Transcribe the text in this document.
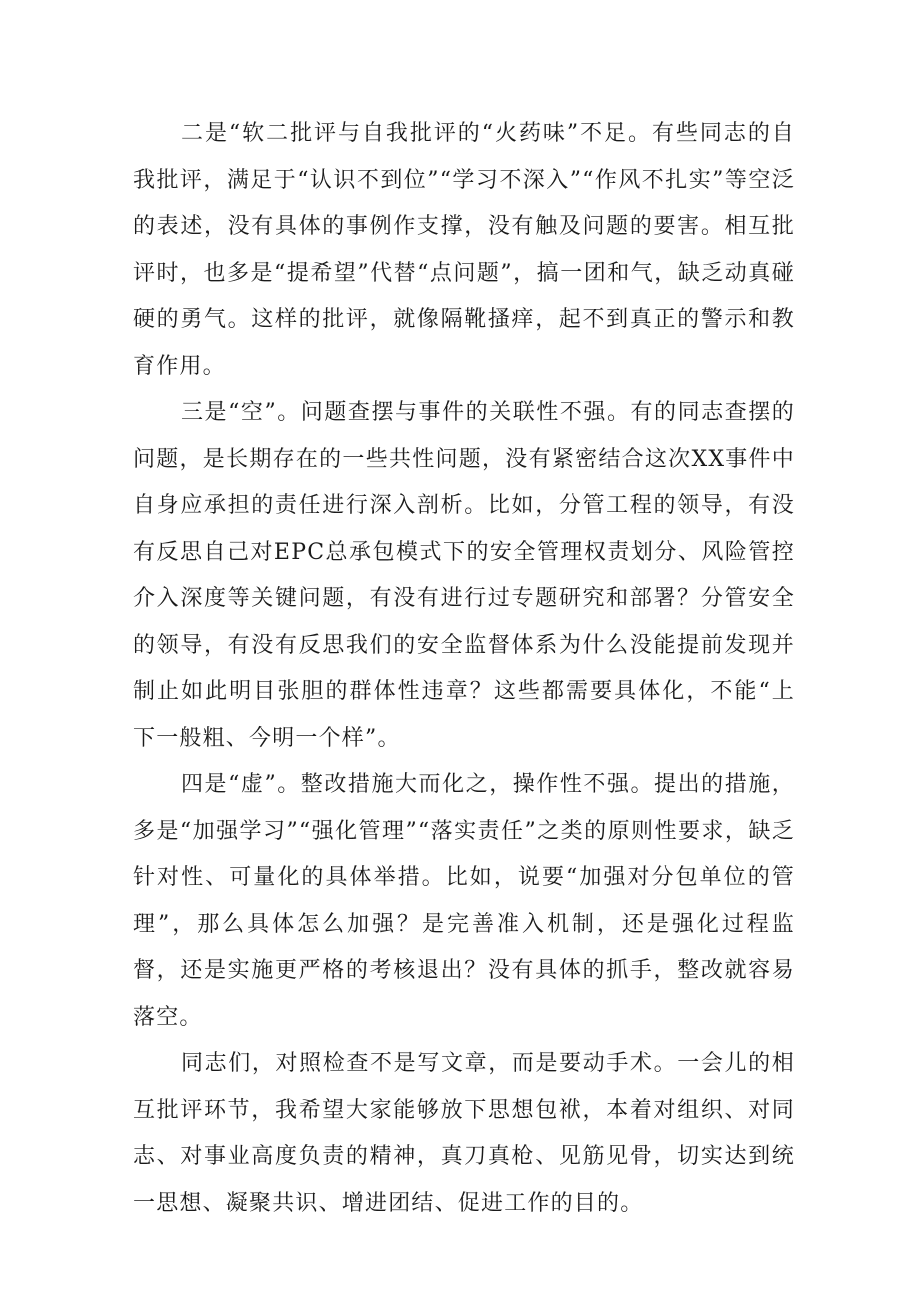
二是“软二批评与自我批评的“火药味”不足。有些同志的自我批评，满足于“认识不到位”“学习不深入”“作风不扎实”等空泛的表述，没有具体的事例作支撑，没有触及问题的要害。相互批评时，也多是“提希望”代替“点问题”，搞一团和气，缺乏动真碰硬的勇气。这样的批评，就像隔靴搔痒，起不到真正的警示和教育作用。

三是“空”。问题查摆与事件的关联性不强。有的同志查摆的问题，是长期存在的一些共性问题，没有紧密结合这次XX事件中自身应承担的责任进行深入剖析。比如，分管工程的领导，有没有反思自己对EPC总承包模式下的安全管理权责划分、风险管控介入深度等关键问题，有没有进行过专题研究和部署？分管安全的领导，有没有反思我们的安全监督体系为什么没能提前发现并制止如此明目张胆的群体性违章？这些都需要具体化，不能“上下一般粗、今明一个样”。

四是“虚”。整改措施大而化之，操作性不强。提出的措施，多是“加强学习”“强化管理”“落实责任”之类的原则性要求，缺乏针对性、可量化的具体举措。比如，说要“加强对分包单位的管理”，那么具体怎么加强？是完善准入机制，还是强化过程监督，还是实施更严格的考核退出？没有具体的抓手，整改就容易落空。

同志们，对照检查不是写文章，而是要动手术。一会儿的相互批评环节，我希望大家能够放下思想包袱，本着对组织、对同志、对事业高度负责的精神，真刀真枪、见筋见骨，切实达到统一思想、凝聚共识、增进团结、促进工作的目的。
